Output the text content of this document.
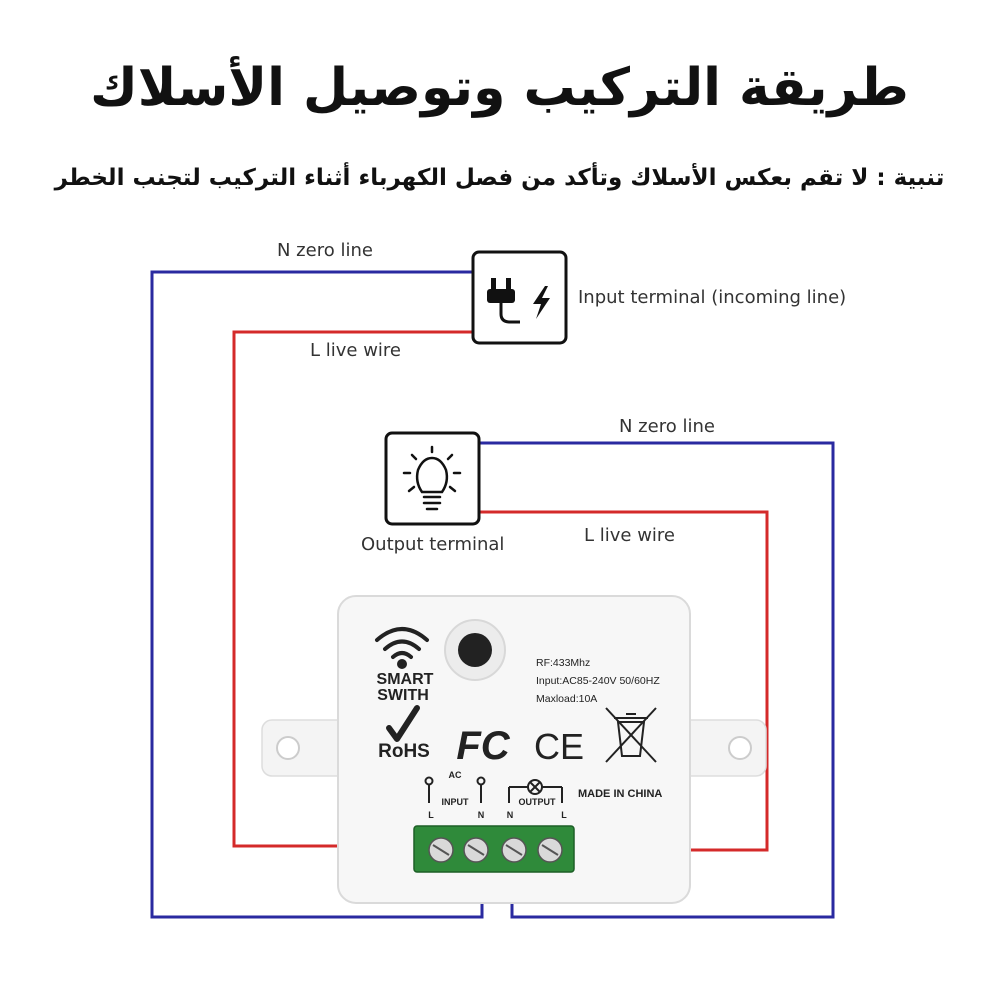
طريقة التركيب وتوصيل الأسلاك
تنبية : لا تقم بعكس الأسلاك وتأكد من فصل الكهرباء أثناء التركيب لتجنب الخطر
SMART
SWITH
RF:433Mhz
Input:AC85-240V 50/60HZ
Maxload:10A
RoHS FC CE
AC
INPUT	OUTPUT
MADE IN CHINA
L	N	N	L
N zero line
Input terminal (incoming line)
L live wire
N zero line
Output terminal	L live wire
